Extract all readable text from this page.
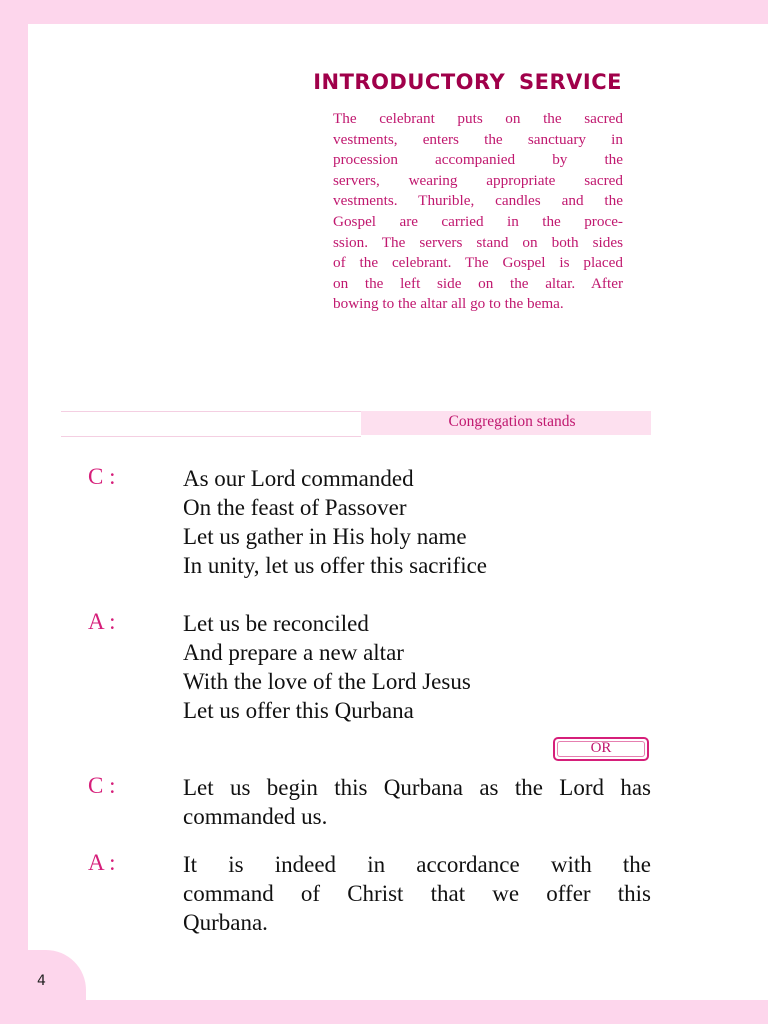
4
INTRODUCTORY SERVICE

The celebrant puts on the sacred
vestments, enters the sanctuary in
procession accompanied by the
servers, wearing appropriate sacred
vestments. Thurible, candles and the
Gospel are carried in the proce-
ssion. The servers stand on both sides
of the celebrant. The Gospel is placed
on the left side on the altar. After
bowing to the altar all go to the bema.

Congregation stands

C :	As our Lord commanded
On the feast of Passover
Let us gather in His holy name
In unity, let us offer this sacrifice

A :	Let us be reconciled
And prepare a new altar
With the love of the Lord Jesus
Let us offer this Qurbana

OR

C :	Let us begin this Qurbana as the Lord has
commanded us.

A :	It is indeed in accordance with the
command of Christ that we offer this
Qurbana.
